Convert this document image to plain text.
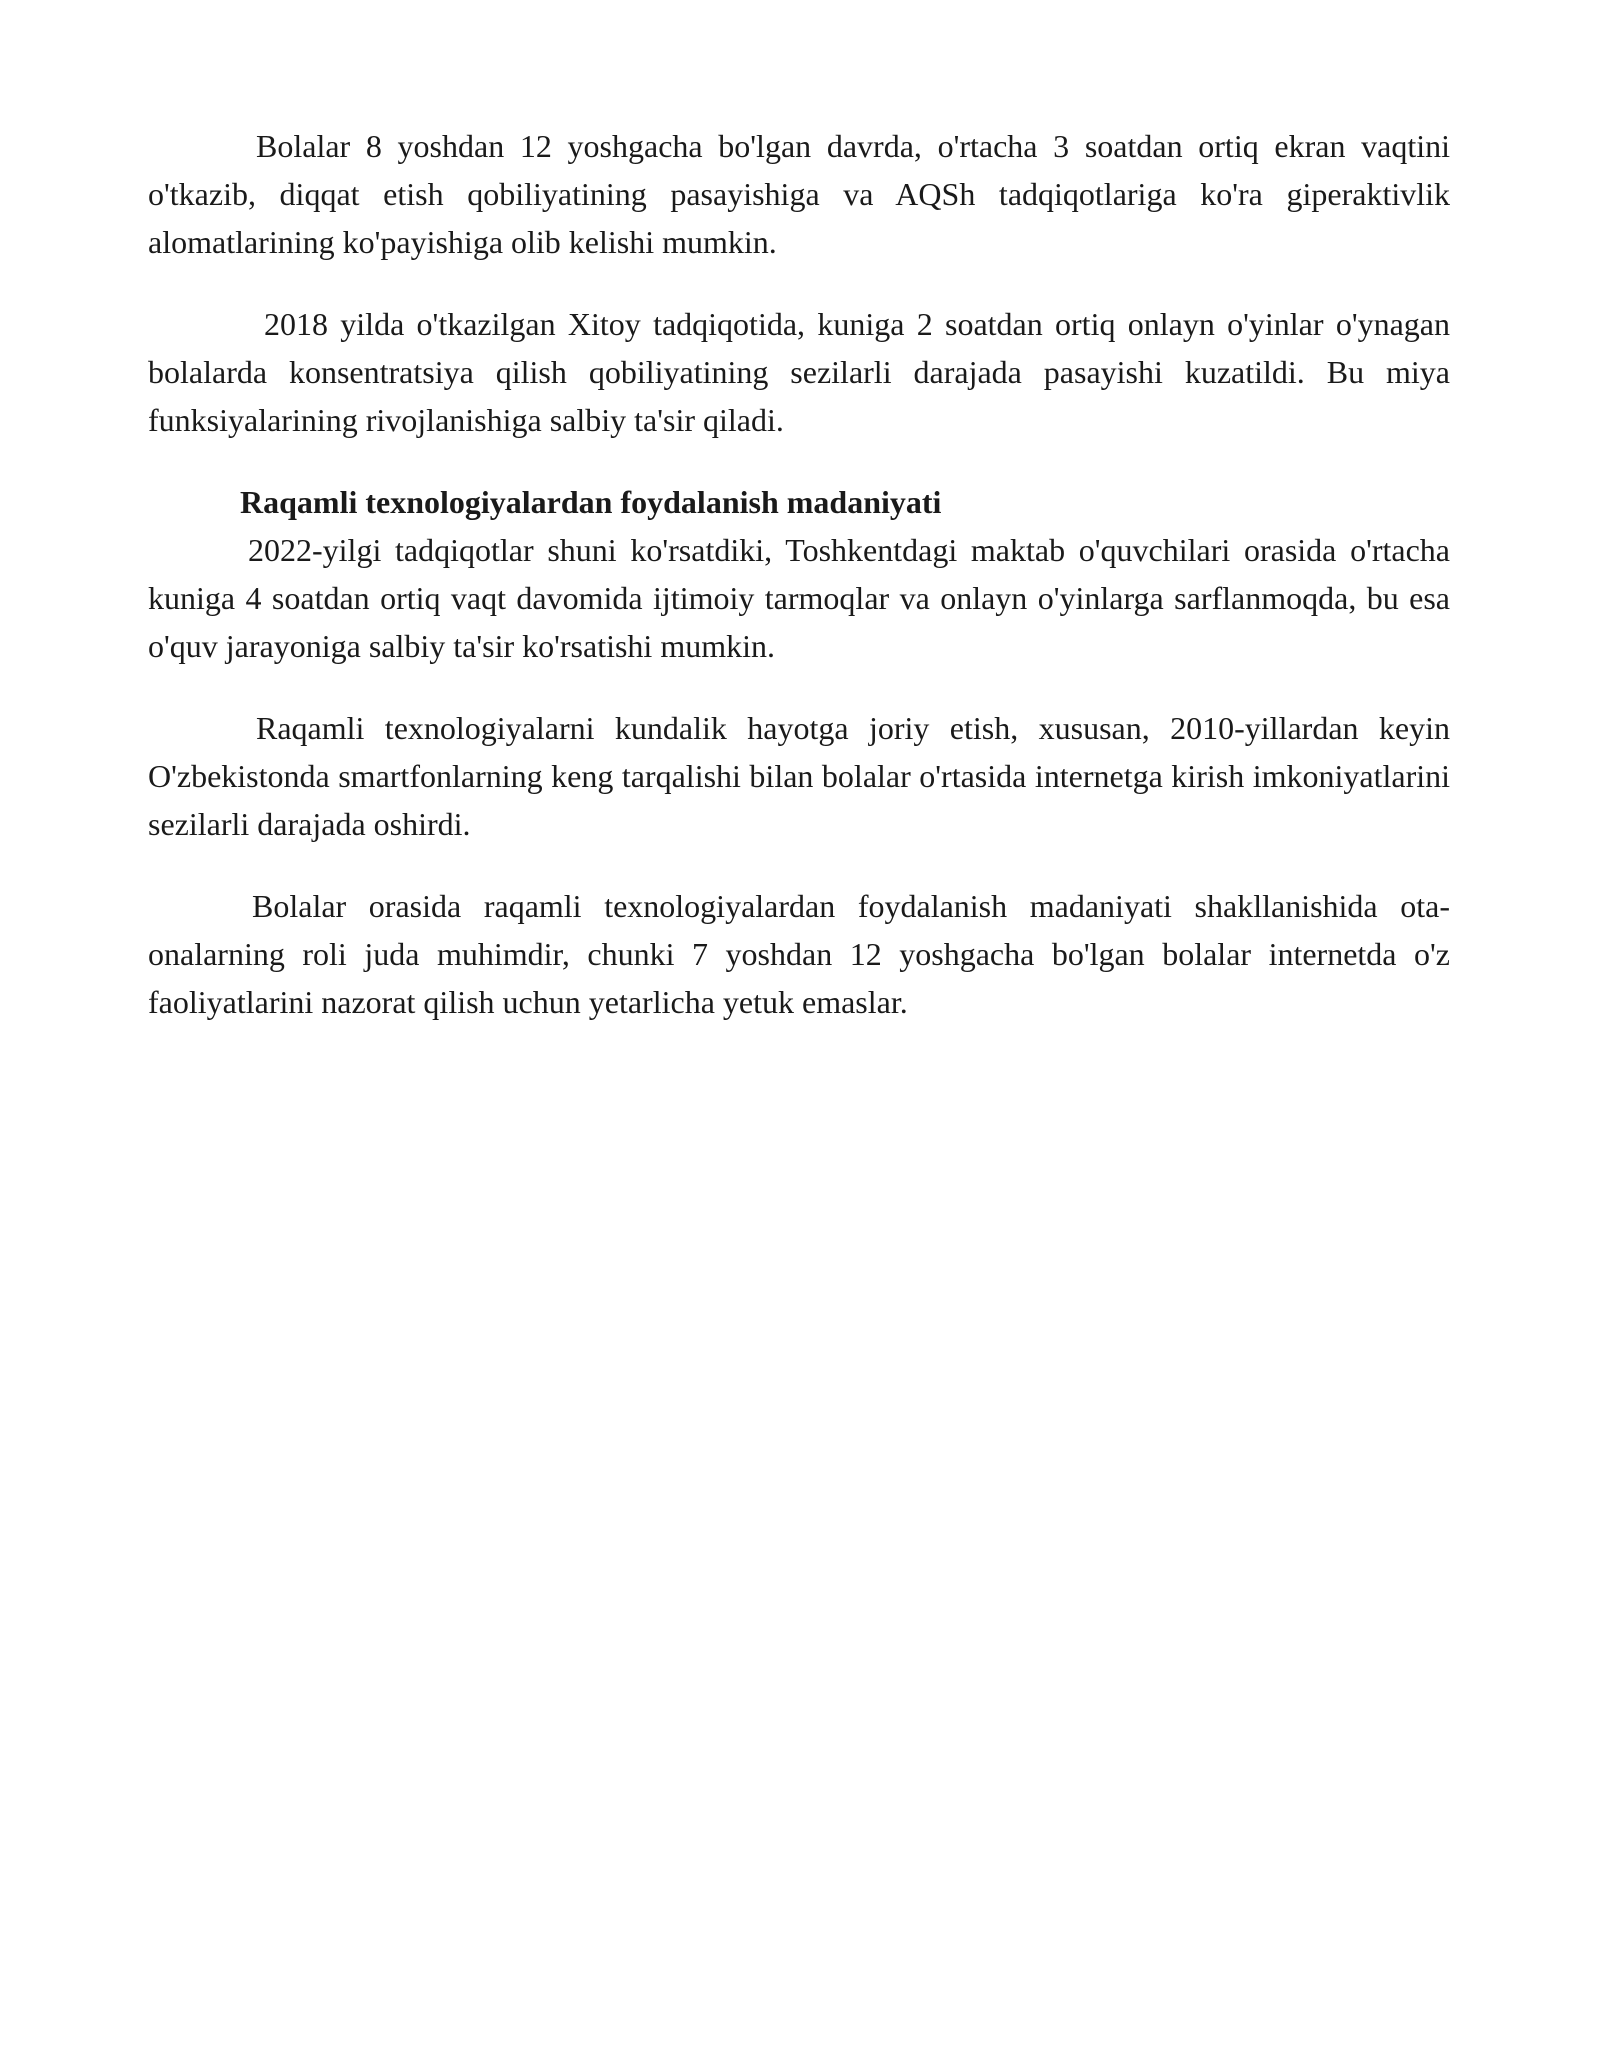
Bolalar 8 yoshdan 12 yoshgacha bo'lgan davrda, o'rtacha 3 soatdan ortiq ekran vaqtini o'tkazib, diqqat etish qobiliyatining pasayishiga va AQSh tadqiqotlariga ko'ra giperaktivlik alomatlarining ko'payishiga olib kelishi mumkin.

2018 yilda o'tkazilgan Xitoy tadqiqotida, kuniga 2 soatdan ortiq onlayn o'yinlar o'ynagan bolalarda konsentratsiya qilish qobiliyatining sezilarli darajada pasayishi kuzatildi. Bu miya funksiyalarining rivojlanishiga salbiy ta'sir qiladi.

Raqamli texnologiyalardan foydalanish madaniyati

2022-yilgi tadqiqotlar shuni ko'rsatdiki, Toshkentdagi maktab o'quvchilari orasida o'rtacha kuniga 4 soatdan ortiq vaqt davomida ijtimoiy tarmoqlar va onlayn o'yinlarga sarflanmoqda, bu esa o'quv jarayoniga salbiy ta'sir ko'rsatishi mumkin.

Raqamli texnologiyalarni kundalik hayotga joriy etish, xususan, 2010-yillardan keyin O'zbekistonda smartfonlarning keng tarqalishi bilan bolalar o'rtasida internetga kirish imkoniyatlarini sezilarli darajada oshirdi.

Bolalar orasida raqamli texnologiyalardan foydalanish madaniyati shakllanishida ota-onalarning roli juda muhimdir, chunki 7 yoshdan 12 yoshgacha bo'lgan bolalar internetda o'z faoliyatlarini nazorat qilish uchun yetarlicha yetuk emaslar.
